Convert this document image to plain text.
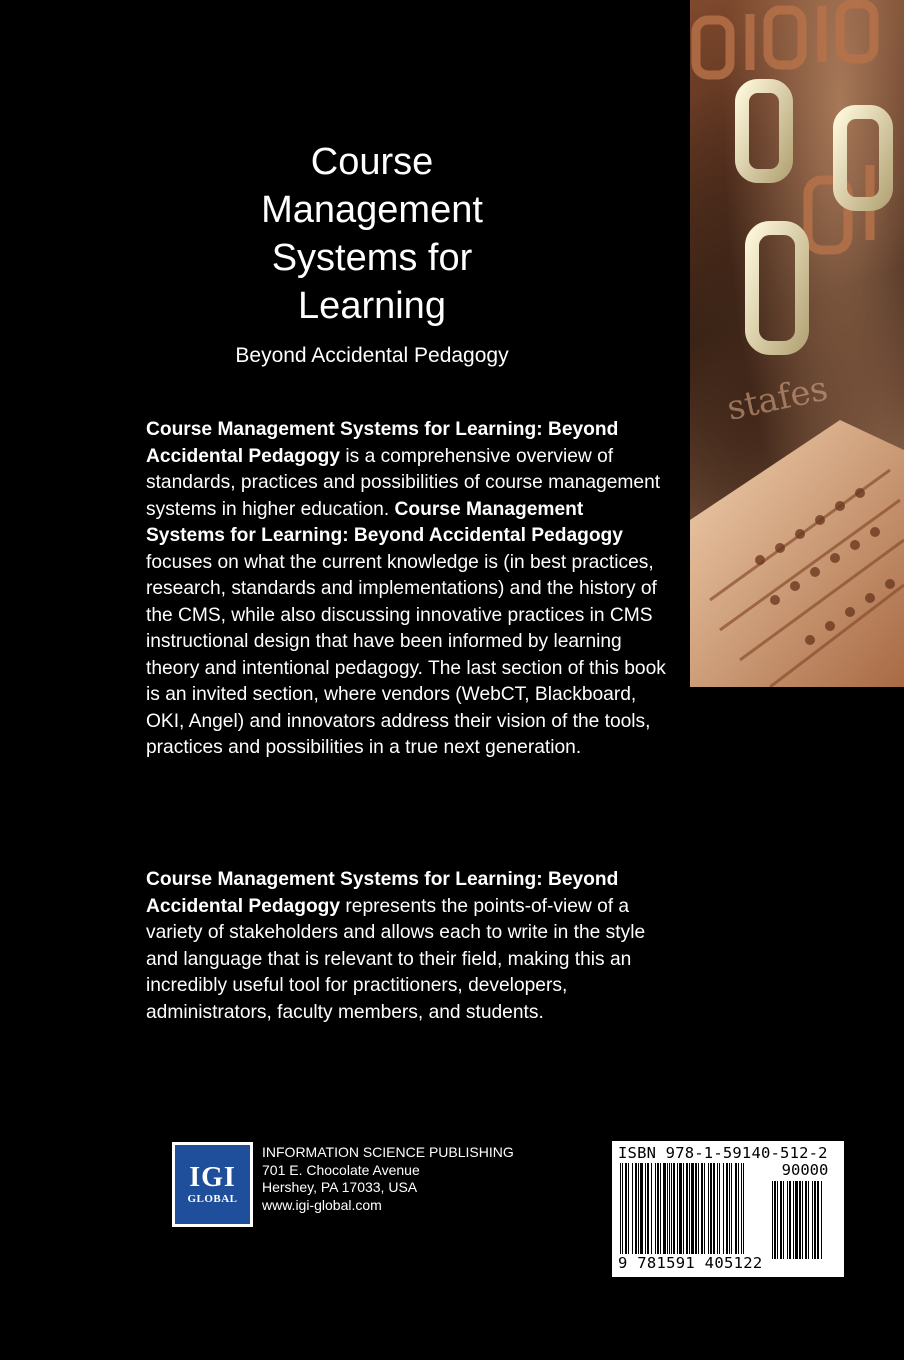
stafes
Course
Management
Systems for
Learning
Beyond Accidental Pedagogy

Course Management Systems for Learning: Beyond Accidental Pedagogy is a comprehensive overview of standards, practices and possibilities of course management systems in higher education. Course Management Systems for Learning: Beyond Accidental Pedagogy focuses on what the current knowledge is (in best practices, research, standards and implementations) and the history of the CMS, while also discussing innovative practices in CMS instructional design that have been informed by learning theory and intentional pedagogy. The last section of this book is an invited section, where vendors (WebCT, Blackboard, OKI, Angel) and innovators address their vision of the tools, practices and possibilities in a true next generation.

Course Management Systems for Learning: Beyond Accidental Pedagogy represents the points-of-view of a variety of stakeholders and allows each to write in the style and language that is relevant to their field, making this an incredibly useful tool for practitioners, developers, administrators, faculty members, and students.

IGI
GLOBAL
INFORMATION SCIENCE PUBLISHING
701 E. Chocolate Avenue
Hershey, PA 17033, USA
www.igi-global.com
ISBN 978-1-59140-512-2
90000
9 781591 405122
